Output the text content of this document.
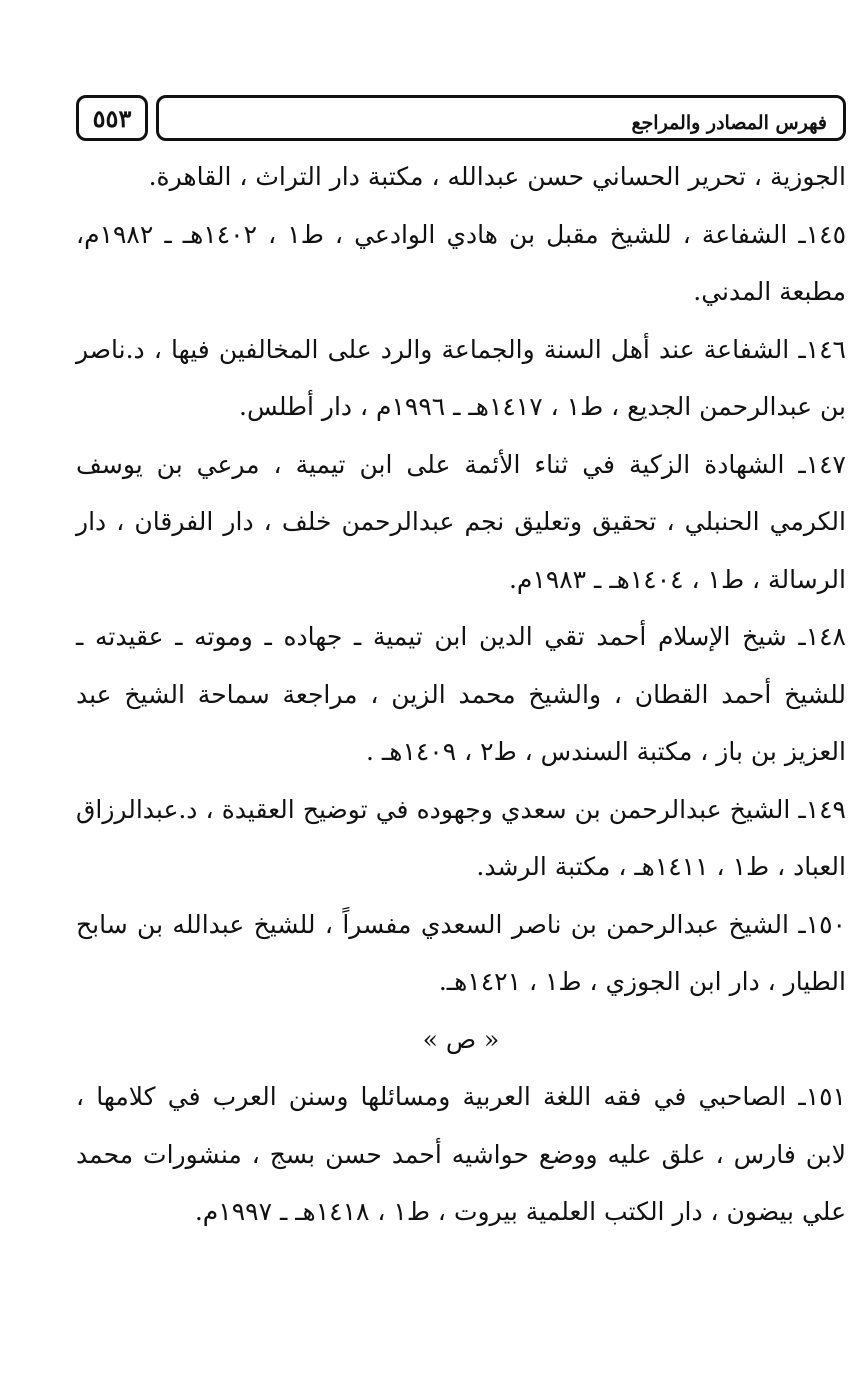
٥٥٣	فهرس المصادر والمراجع

الجوزية ، تحرير الحساني حسن عبدالله ، مكتبة دار التراث ، القاهرة.

١٤٥ـ الشفاعة ، للشيخ مقبل بن هادي الوادعي ، ط١ ، ١٤٠٢هـ ـ ١٩٨٢م، مطبعة المدني.

١٤٦ـ الشفاعة عند أهل السنة والجماعة والرد على المخالفين فيها ، د.ناصر بن عبدالرحمن الجديع ، ط١ ، ١٤١٧هـ ـ ١٩٩٦م ، دار أطلس.

١٤٧ـ الشهادة الزكية في ثناء الأئمة على ابن تيمية ، مرعي بن يوسف الكرمي الحنبلي ، تحقيق وتعليق نجم عبدالرحمن خلف ، دار الفرقان ، دار الرسالة ، ط١ ، ١٤٠٤هـ ـ ١٩٨٣م.

١٤٨ـ شيخ الإسلام أحمد تقي الدين ابن تيمية ـ جهاده ـ وموته ـ عقيدته ـ للشيخ أحمد القطان ، والشيخ محمد الزين ، مراجعة سماحة الشيخ عبد العزيز بن باز ، مكتبة السندس ، ط٢ ، ١٤٠٩هـ .

١٤٩ـ الشيخ عبدالرحمن بن سعدي وجهوده في توضيح العقيدة ، د.عبدالرزاق العباد ، ط١ ، ١٤١١هـ ، مكتبة الرشد.

١٥٠ـ الشيخ عبدالرحمن بن ناصر السعدي مفسراً ، للشيخ عبدالله بن سابح الطيار ، دار ابن الجوزي ، ط١ ، ١٤٢١هـ.

« ص »

١٥١ـ الصاحبي في فقه اللغة العربية ومسائلها وسنن العرب في كلامها ، لابن فارس ، علق عليه ووضع حواشيه أحمد حسن بسج ، منشورات محمد علي بيضون ، دار الكتب العلمية بيروت ، ط١ ، ١٤١٨هـ ـ ١٩٩٧م.
